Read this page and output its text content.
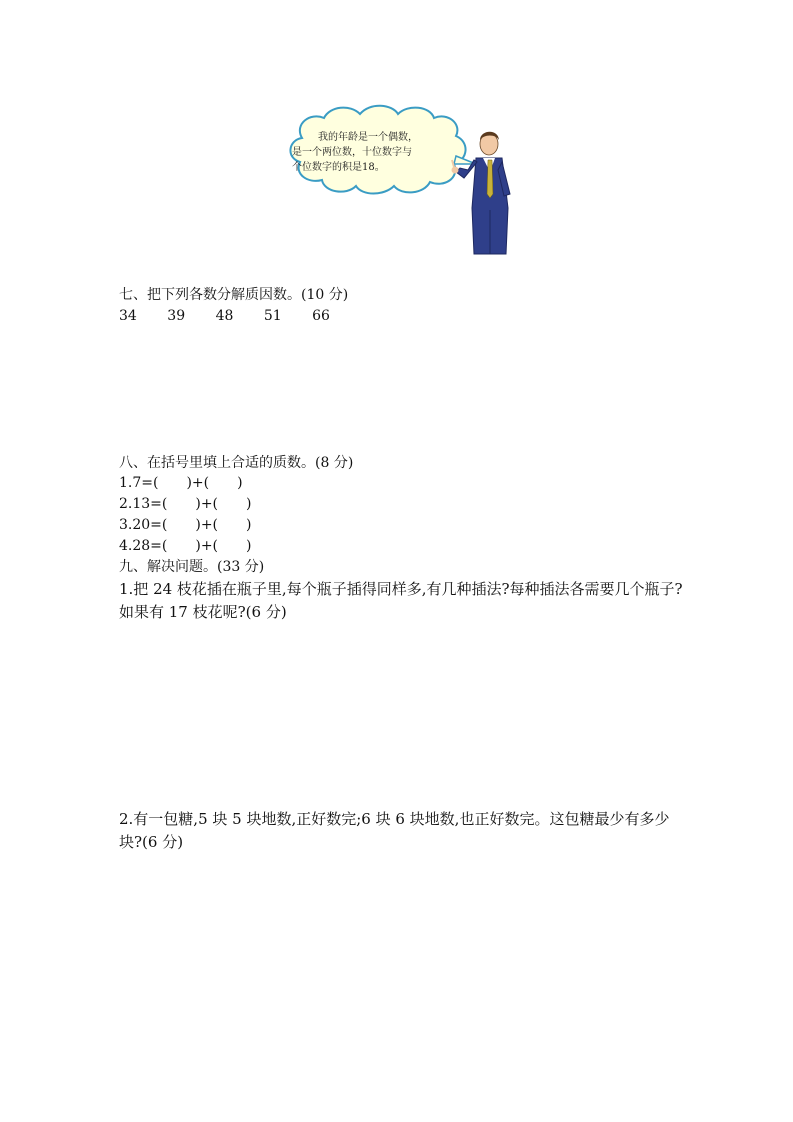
我的年龄是一个偶数，
是一个两位数，十位数字与
个位数字的积是18。
七、把下列各数分解质因数。(10 分)
34 39 48 51 66
八、在括号里填上合适的质数。(8 分)
1.7=(　　)+(　　)
2.13=(　　)+(　　)
3.20=(　　)+(　　)
4.28=(　　)+(　　)
九、解决问题。(33 分)
1.把 24 枝花插在瓶子里,每个瓶子插得同样多,有几种插法?每种插法各需要几个瓶子?如果有 17 枝花呢?(6 分)
2.有一包糖,5 块 5 块地数,正好数完;6 块 6 块地数,也正好数完。这包糖最少有多少块?(6 分)
